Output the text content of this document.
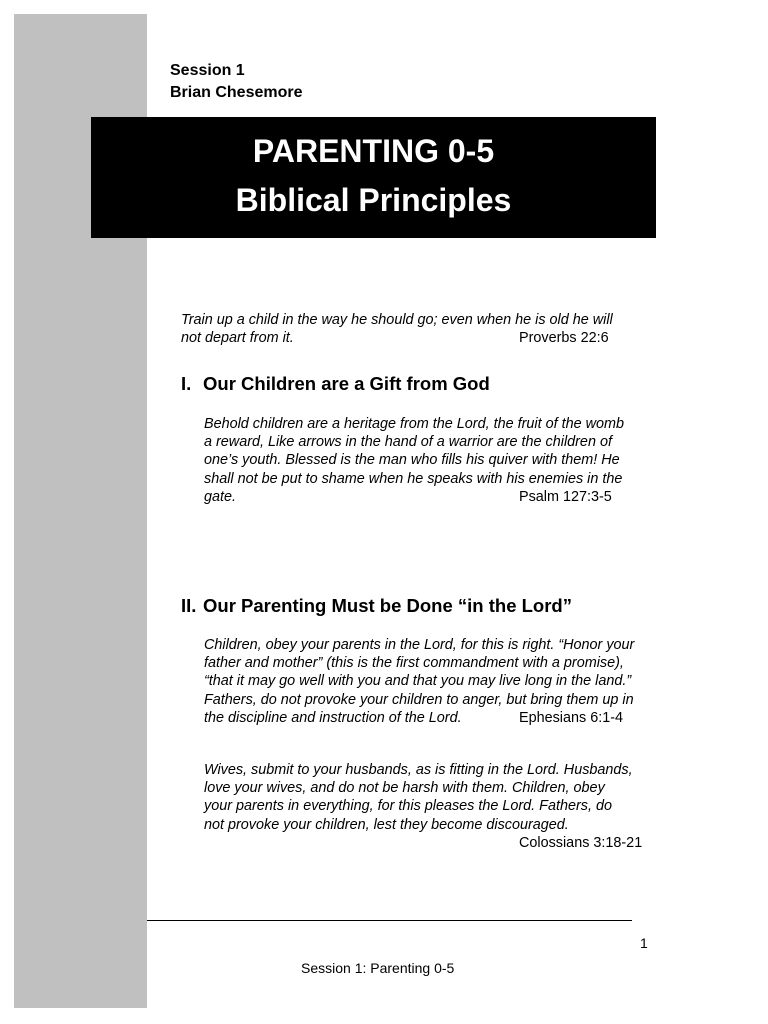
Session 1
Brian Chesemore
PARENTING 0-5
Biblical Principles
Train up a child in the way he should go; even when he is old he will
not depart from it.	Proverbs 22:6
I. Our Children are a Gift from God
Behold children are a heritage from the Lord, the fruit of the womb
a reward, Like arrows in the hand of a warrior are the children of
one’s youth. Blessed is the man who fills his quiver with them! He
shall not be put to shame when he speaks with his enemies in the
gate.	Psalm 127:3-5
II. Our Parenting Must be Done “in the Lord”
Children, obey your parents in the Lord, for this is right. “Honor your
father and mother” (this is the first commandment with a promise),
“that it may go well with you and that you may live long in the land.”
Fathers, do not provoke your children to anger, but bring them up in
the discipline and instruction of the Lord.	Ephesians 6:1-4
Wives, submit to your husbands, as is fitting in the Lord. Husbands,
love your wives, and do not be harsh with them. Children, obey
your parents in everything, for this pleases the Lord. Fathers, do
not provoke your children, lest they become discouraged.
Colossians 3:18-21
1
Session 1: Parenting 0-5
